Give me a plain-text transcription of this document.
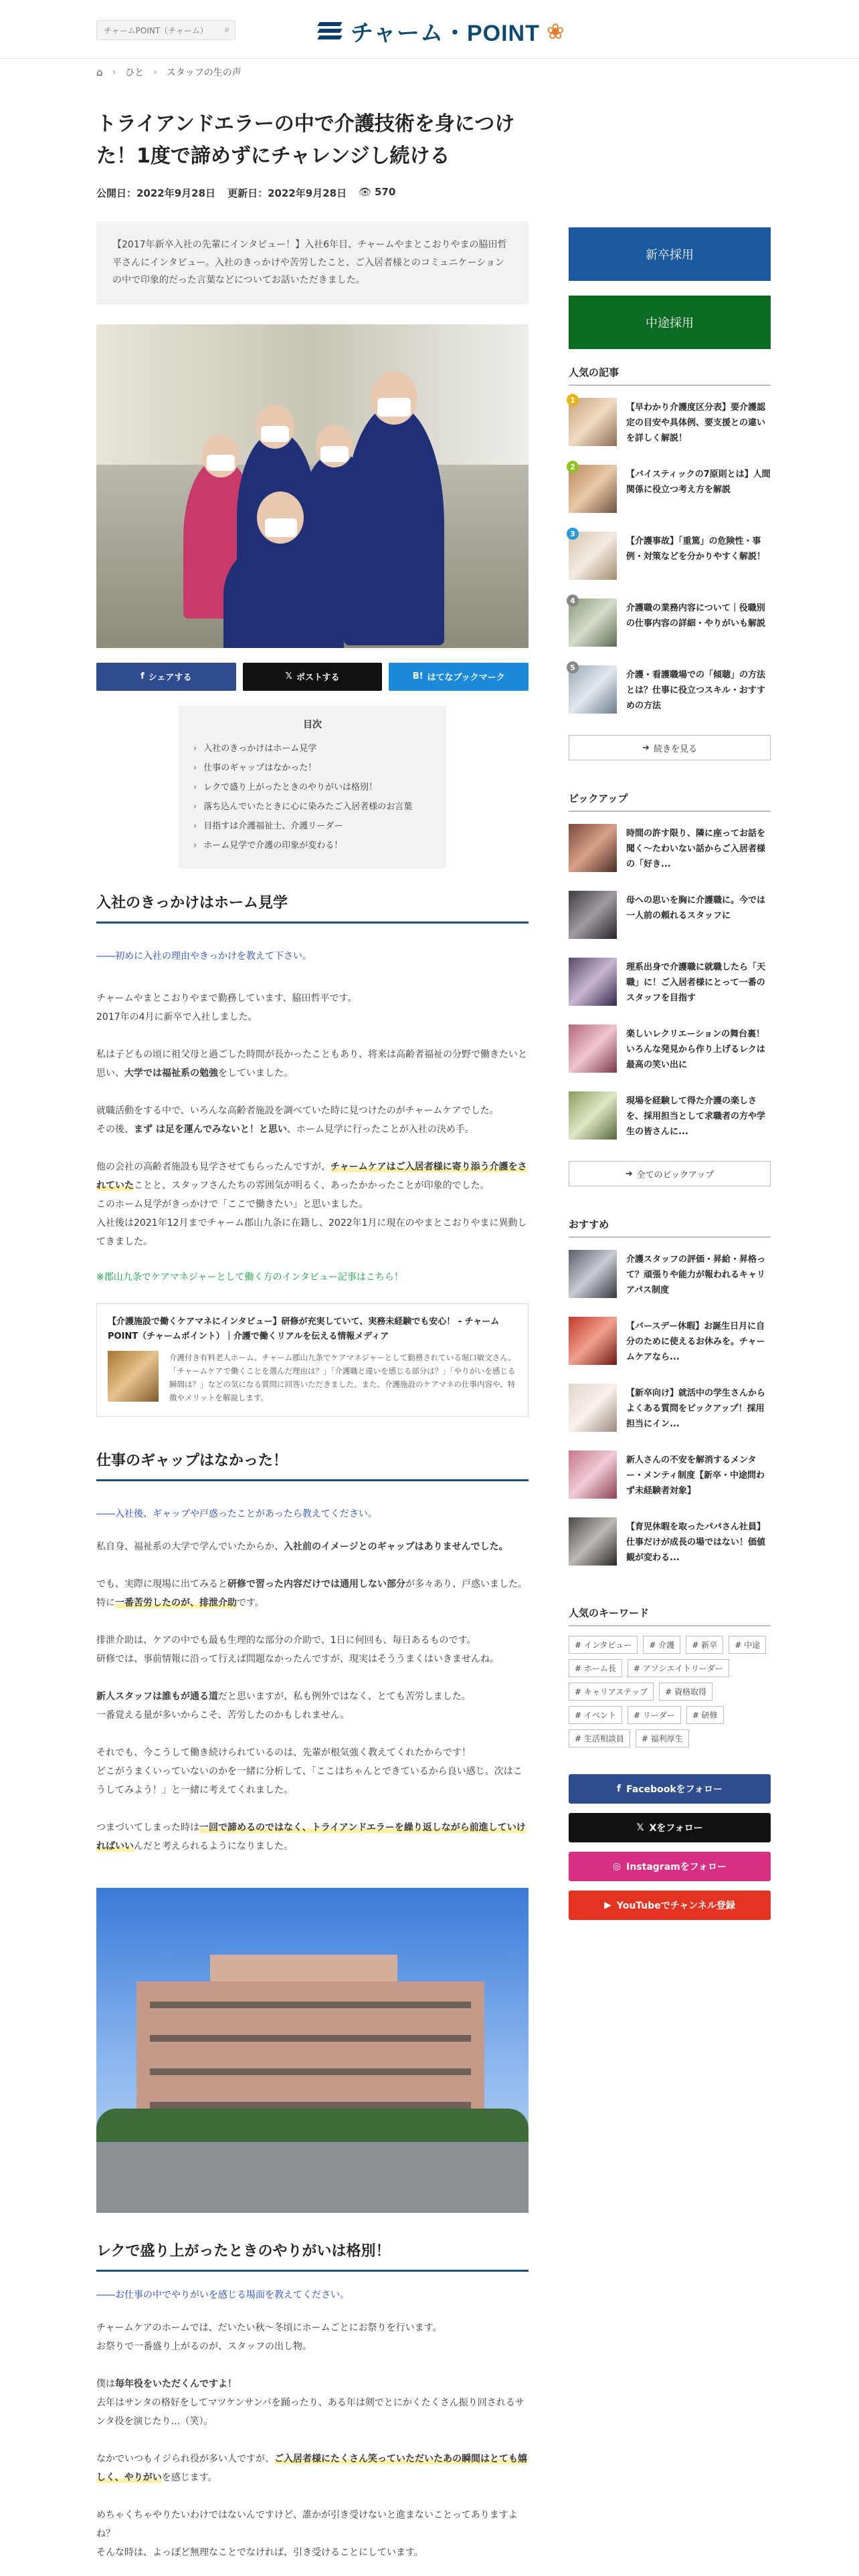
チャームPOINT（チャーム） ⌕	チャーム・POINT ❀
⌂ › ひと › スタッフの生の声
トライアンドエラーの中で介護技術を身につけた！1度で諦めずにチャレンジし続ける
公開日：2022年9月28日 更新日：2022年9月28日 👁 570
【2017年新卒入社の先輩にインタビュー！】入社6年目、チャームやまとこおりやまの脇田哲平さんにインタビュー。入社のきっかけや苦労したこと、ご入居者様とのコミュニケーションの中で印象的だった言葉などについてお話いただきました。
f シェアする	𝕏 ポストする	B! はてなブックマーク
目次
› 入社のきっかけはホーム見学
› 仕事のギャップはなかった！
› レクで盛り上がったときのやりがいは格別！
› 落ち込んでいたときに心に染みたご入居者様のお言葉
› 目指すは介護福祉士、介護リーダー
› ホーム見学で介護の印象が変わる！
入社のきっかけはホーム見学

――初めに入社の理由やきっかけを教えて下さい。

チャームやまとこおりやまで勤務しています、脇田哲平です。
2017年の4月に新卒で入社しました。

私は子どもの頃に祖父母と過ごした時間が長かったこともあり、将来は高齢者福祉の分野で働きたいと思い、大学では福祉系の勉強をしていました。

就職活動をする中で、いろんな高齢者施設を調べていた時に見つけたのがチャームケアでした。
その後、まず は足を運んでみないと！と思い、ホーム見学に行ったことが入社の決め手。

他の会社の高齢者施設も見学させてもらったんですが、チャームケアはご入居者様に寄り添う介護をされていたことと、スタッフさんたちの雰囲気が明るく、あったかかったことが印象的でした。
このホーム見学がきっかけで「ここで働きたい」と思いました。
入社後は2021年12月までチャーム郡山九条に在籍し、2022年1月に現在のやまとこおりやまに異動してきました。

※郡山九条でケアマネジャーとして働く方のインタビュー記事はこちら！

【介護施設で働くケアマネにインタビュー】研修が充実していて、実務未経験でも安心！ - チャームPOINT（チャームポイント）｜介護で働くリアルを伝える情報メディア
介護付き有料老人ホーム、チャーム郡山九条でケアマネジャーとして勤務されている堀口敏文さん。「チャームケアで働くことを選んだ理由は？」「介護職と違いを感じる部分は？」「やりがいを感じる瞬間は？」などの気になる質問に回答いただきました。また、介護施設のケアマネの仕事内容や、特徴やメリットを解説します。
仕事のギャップはなかった！

――入社後、ギャップや戸惑ったことがあったら教えてください。

私自身、福祉系の大学で学んでいたからか、入社前のイメージとのギャップはありませんでした。

でも、実際に現場に出てみると研修で習った内容だけでは通用しない部分が多々あり、戸惑いました。
特に一番苦労したのが、排泄介助です。

排泄介助は、ケアの中でも最も生理的な部分の介助で、1日に何回も、毎日あるものです。
研修では、事前情報に沿って行えば問題なかったんですが、現実はそううまくはいきませんね。

新人スタッフは誰もが通る道だと思いますが、私も例外ではなく、とても苦労しました。
一番覚える量が多いからこそ、苦労したのかもしれません。

それでも、今こうして働き続けられているのは、先輩が根気強く教えてくれたからです！
どこがうまくいっていないのかを一緒に分析して、「ここはちゃんとできているから良い感じ。次はこうしてみよう！」と一緒に考えてくれました。

つまづいてしまった時は一回で諦めるのではなく、トライアンドエラーを繰り返しながら前進していければいいんだと考えられるようになりました。

レクで盛り上がったときのやりがいは格別！

――お仕事の中でやりがいを感じる場面を教えてください。

チャームケアのホームでは、だいたい秋〜冬頃にホームごとにお祭りを行います。
お祭りで一番盛り上がるのが、スタッフの出し物。

僕は毎年役をいただくんですよ！
去年はサンタの格好をしてマツケンサンバを踊ったり、ある年は剣でとにかくたくさん振り回されるサンタ役を演じたり…（笑）。

なかでいつもイジられ役が多い人ですが、ご入居者様にたくさん笑っていただいたあの瞬間はとても嬉しく、やりがいを感じます。

めちゃくちゃやりたいわけではないんですけど、誰かが引き受けないと進まないことってありますよね？
そんな時は、よっぽど無理なことでなければ、引き受けることにしています。

新卒採用
中途採用
人気の記事
1
【早わかり介護度区分表】要介護認定の目安や具体例、要支援との違いを詳しく解説！
2
【バイスティックの7原則とは】人間関係に役立つ考え方を解説
3
【介護事故】「重篤」の危険性・事例・対策などを分かりやすく解説！
4
介護職の業務内容について｜役職別の仕事内容の詳細・やりがいも解説
5
介護・看護職場での「傾聴」の方法とは？仕事に役立つスキル・おすすめの方法
➜ 続きを見る
ピックアップ
時間の許す限り、隣に座ってお話を聞く〜たわいない話からご入居者様の「好き...
母への思いを胸に介護職に。今では一人前の頼れるスタッフに
理系出身で介護職に就職したら「天職」に！ご入居者様にとって一番のスタッフを目指す
楽しいレクリエーションの舞台裏！いろんな発見から作り上げるレクは最高の笑い出に
現場を経験して得た介護の楽しさを、採用担当として求職者の方や学生の皆さんに...
➜ 全てのピックアップ
おすすめ
介護スタッフの評価・昇給・昇格って？頑張りや能力が報われるキャリアパス制度
【バースデー休暇】お誕生日月に自分のために使えるお休みを。チャームケアなら...
【新卒向け】就活中の学生さんから よくある質問をピックアップ！採用担当にイン...
新人さんの不安を解消するメンター・メンティ制度【新卒・中途問わず未経験者対象】
【育児休暇を取ったパパさん社員】仕事だけが成長の場ではない！価値観が変わる...
人気のキーワード
# インタビュー	# 介護	# 新卒	# 中途
# ホーム長	# アソシエイトリーダー
# キャリアステップ	# 資格取得
# イベント	# リーダー	# 研修
# 生活相談員	# 福利厚生
f Facebookをフォロー
𝕏 Xをフォロー
◎ Instagramをフォロー
▶ YouTubeでチャンネル登録
